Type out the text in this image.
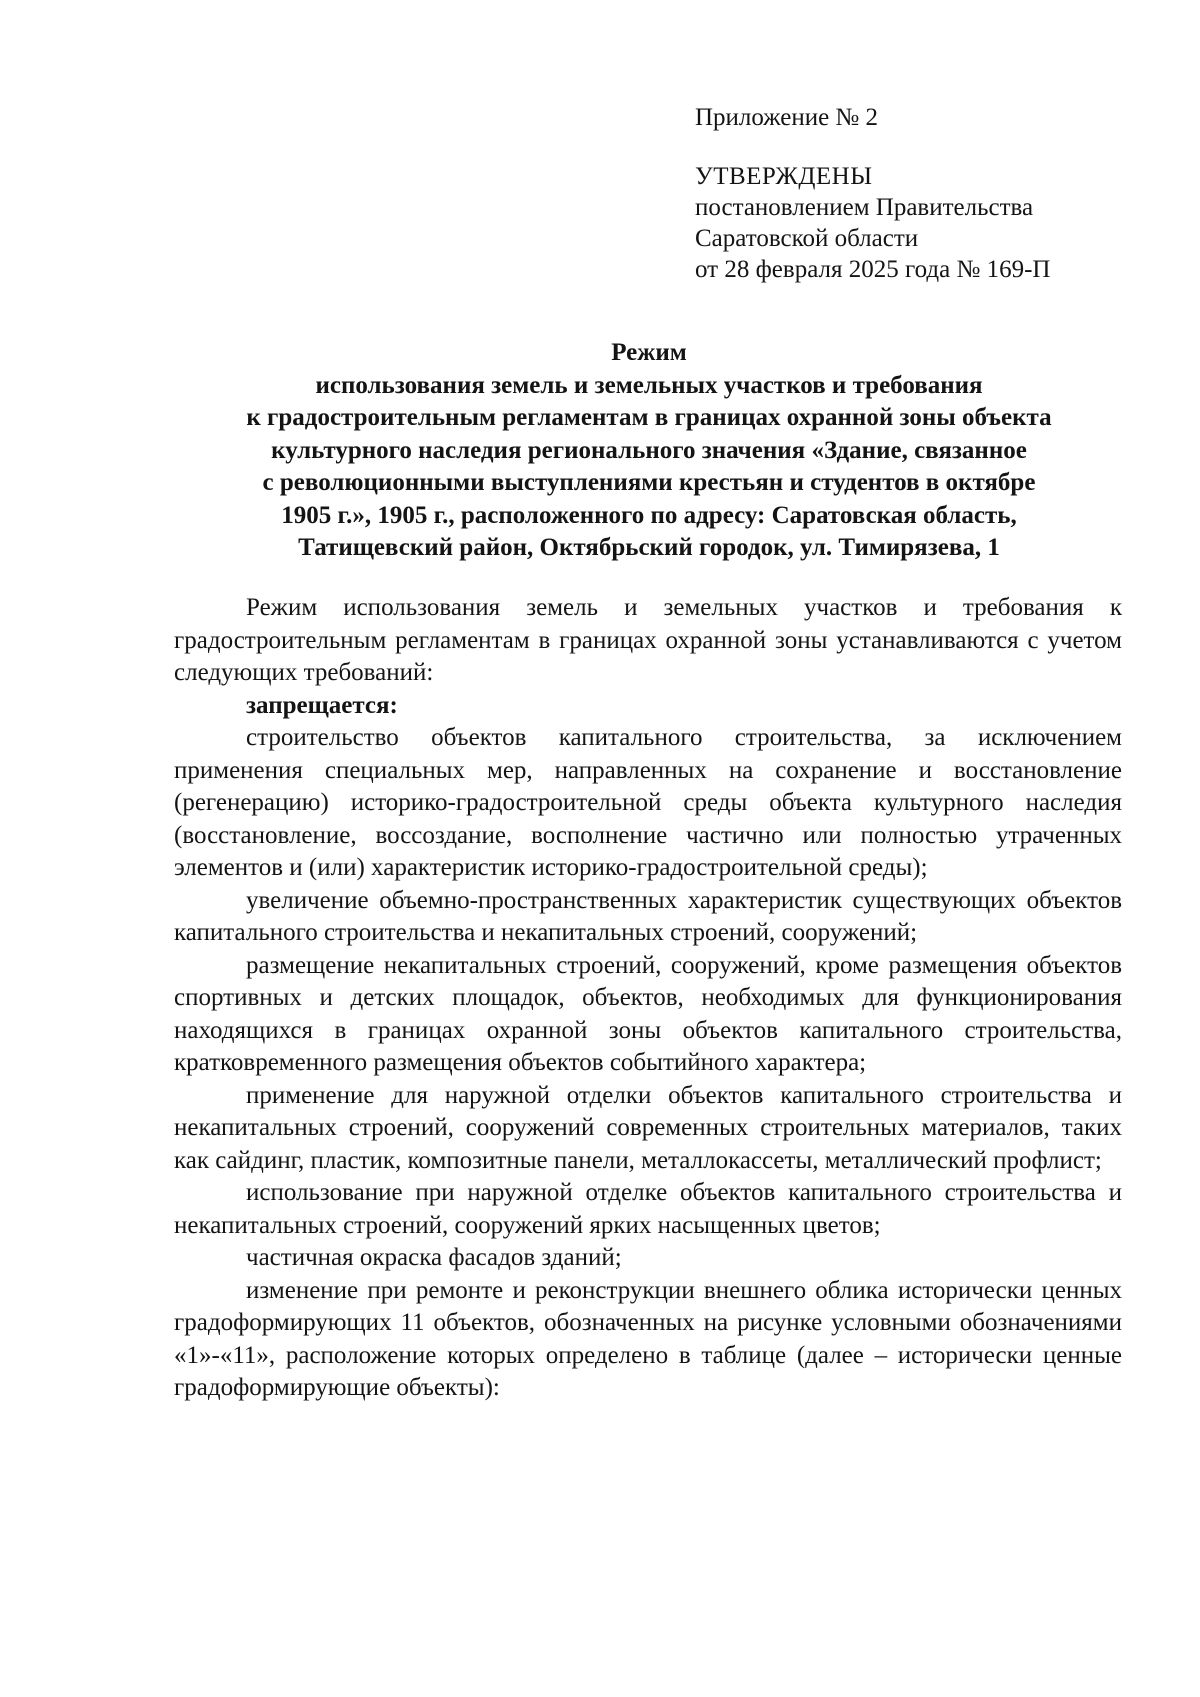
Приложение № 2
УТВЕРЖДЕНЫ
постановлением Правительства
Саратовской области
от 28 февраля 2025 года № 169-П
Режим
использования земель и земельных участков и требования
к градостроительным регламентам в границах охранной зоны объекта
культурного наследия регионального значения «Здание, связанное
с революционными выступлениями крестьян и студентов в октябре
1905 г.», 1905 г., расположенного по адресу: Саратовская область,
Татищевский район, Октябрьский городок, ул. Тимирязева, 1

Режим использования земель и земельных участков и требования к градостроительным регламентам в границах охранной зоны устанавливаются с учетом следующих требований:

запрещается:

строительство объектов капитального строительства, за исключением применения специальных мер, направленных на сохранение и восстановление (регенерацию) историко-градостроительной среды объекта культурного наследия (восстановление, воссоздание, восполнение частично или полностью утраченных элементов и (или) характеристик историко-градостроительной среды);

увеличение объемно-пространственных характеристик существующих объектов капитального строительства и некапитальных строений, сооружений;

размещение некапитальных строений, сооружений, кроме размещения объектов спортивных и детских площадок, объектов, необходимых для функционирования находящихся в границах охранной зоны объектов капитального строительства, кратковременного размещения объектов событийного характера;

применение для наружной отделки объектов капитального строительства и некапитальных строений, сооружений современных строительных материалов, таких как сайдинг, пластик, композитные панели, металлокассеты, металлический профлист;

использование при наружной отделке объектов капитального строительства и некапитальных строений, сооружений ярких насыщенных цветов;

частичная окраска фасадов зданий;

изменение при ремонте и реконструкции внешнего облика исторически ценных градоформирующих 11 объектов, обозначенных на рисунке условными обозначениями «1»-«11», расположение которых определено в таблице (далее – исторически ценные градоформирующие объекты):
